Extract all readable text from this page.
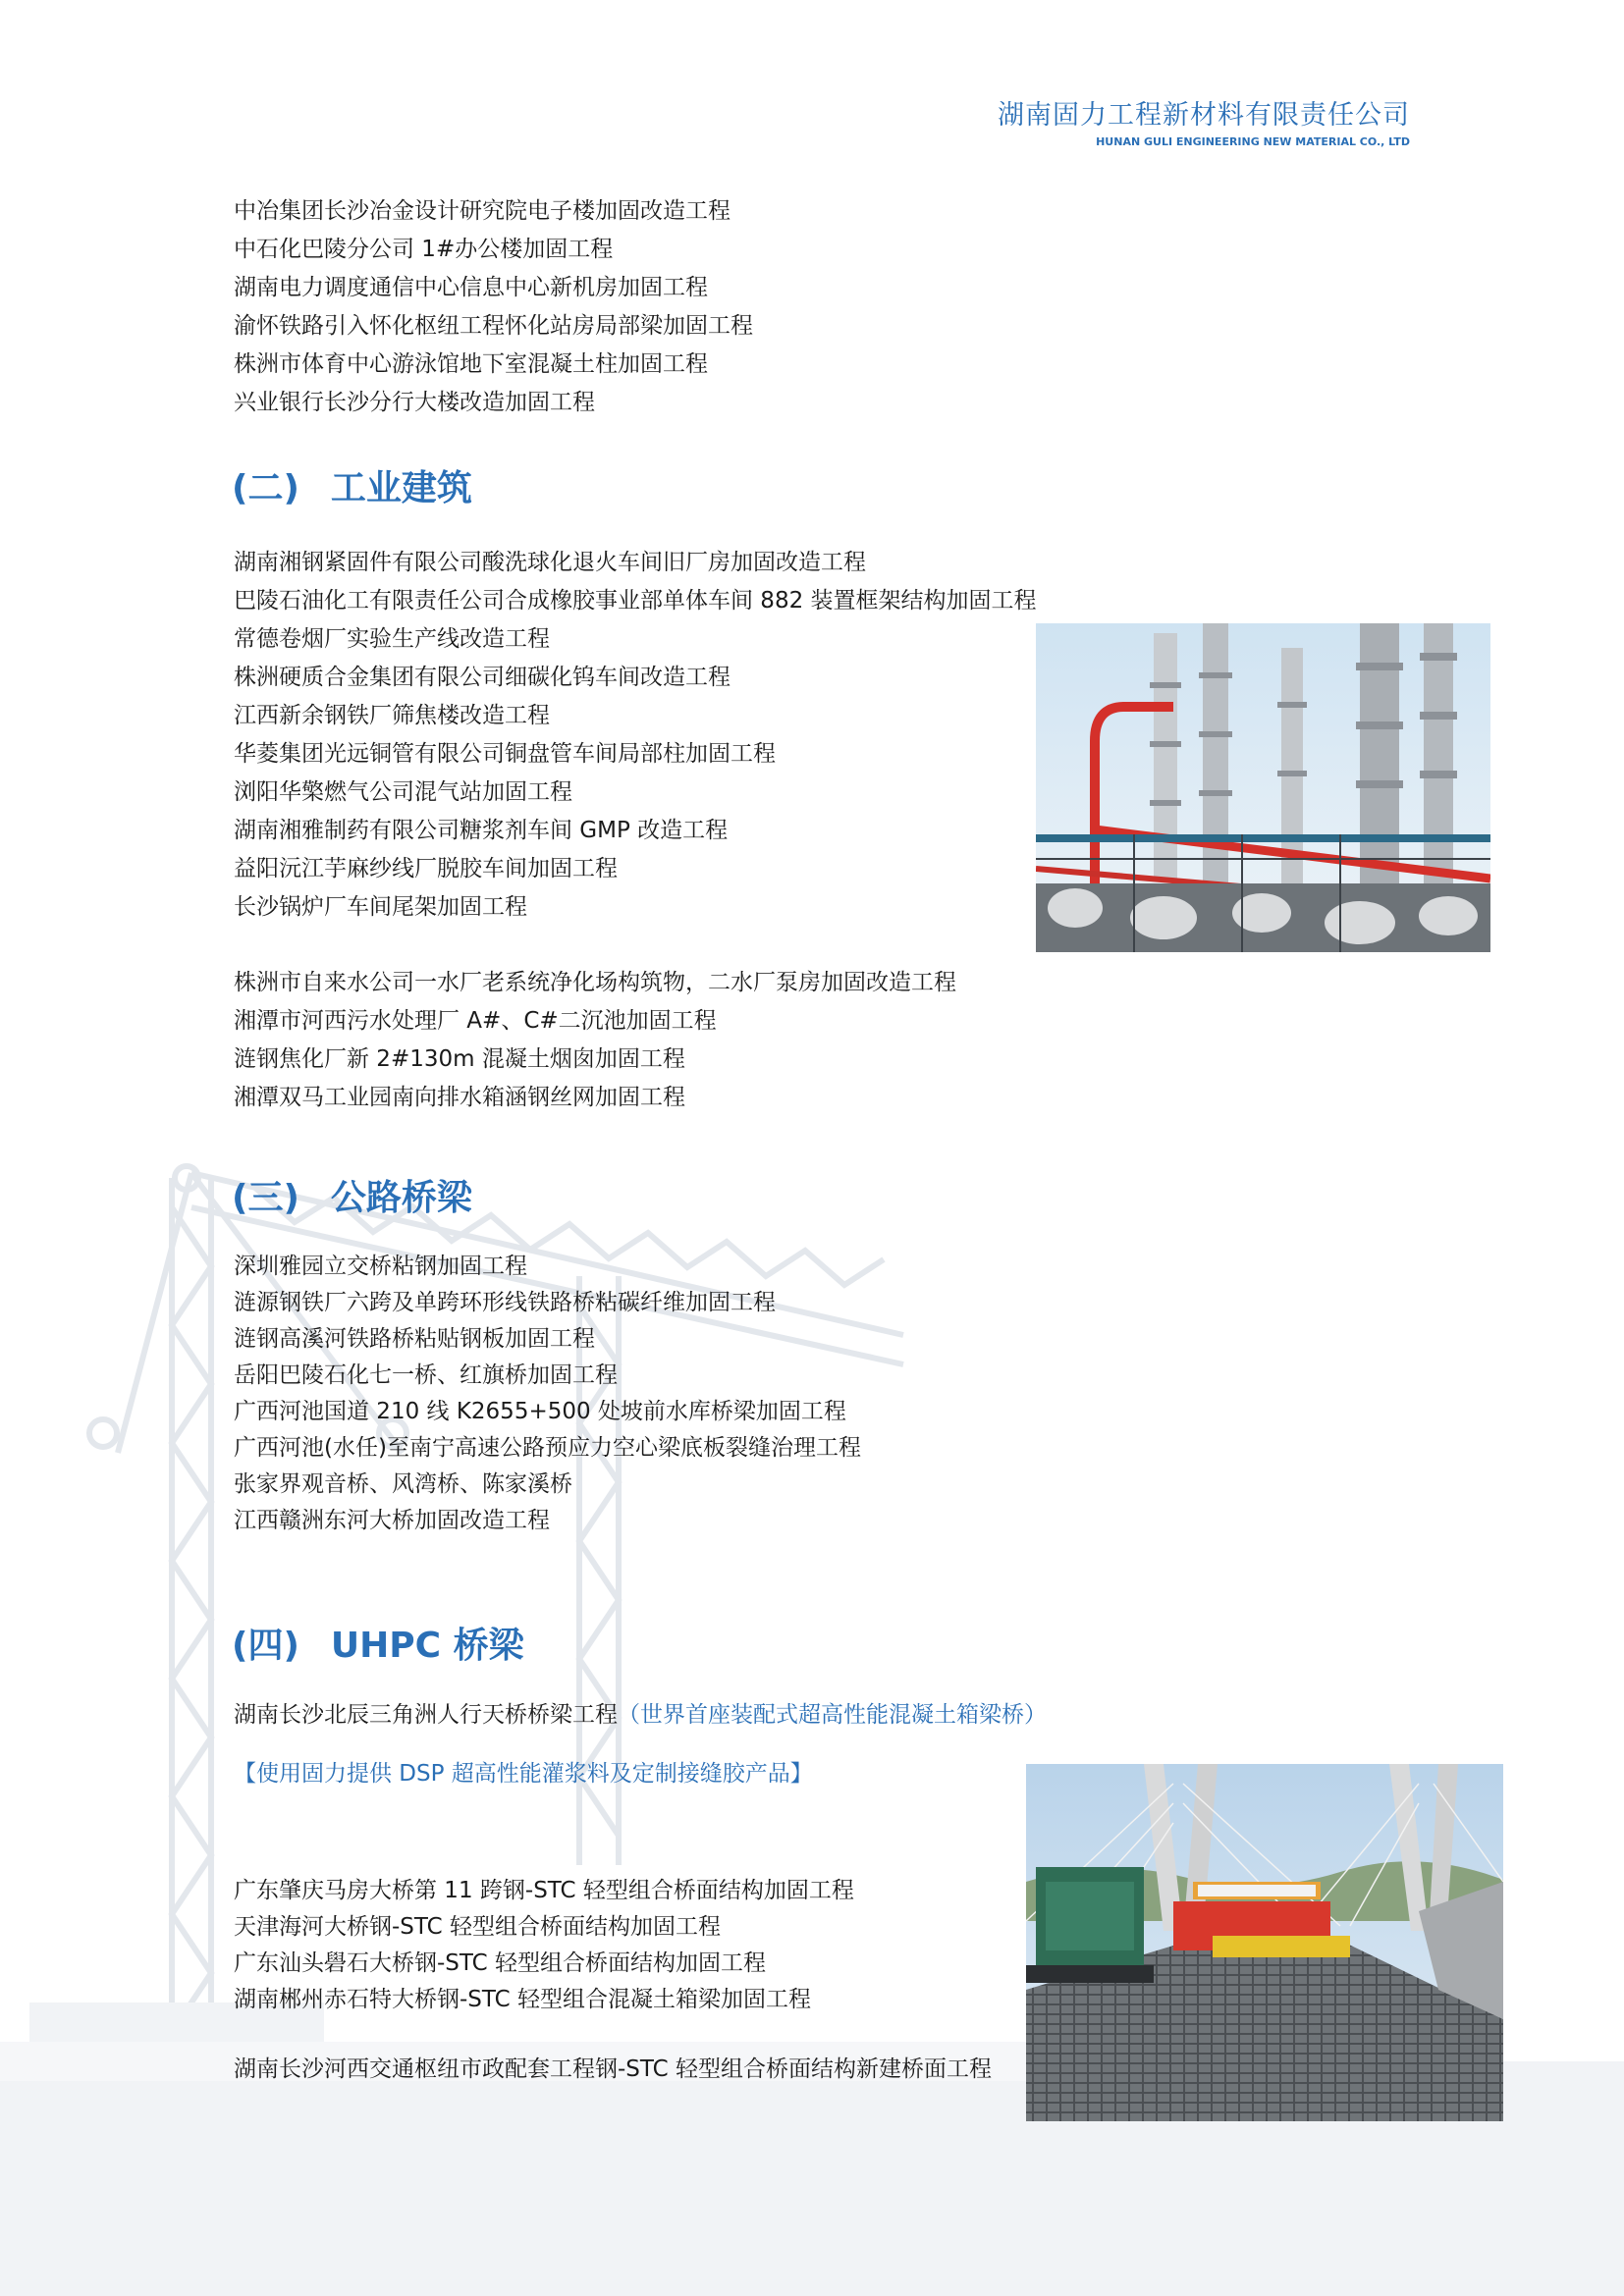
湖南固力工程新材料有限责任公司
HUNAN GULI ENGINEERING NEW MATERIAL CO., LTD
中冶集团长沙冶金设计研究院电子楼加固改造工程
中石化巴陵分公司 1#办公楼加固工程
湖南电力调度通信中心信息中心新机房加固工程
渝怀铁路引入怀化枢纽工程怀化站房局部梁加固工程
株洲市体育中心游泳馆地下室混凝土柱加固工程
兴业银行长沙分行大楼改造加固工程
(二) 工业建筑
湖南湘钢紧固件有限公司酸洗球化退火车间旧厂房加固改造工程
巴陵石油化工有限责任公司合成橡胶事业部单体车间 882 装置框架结构加固工程
常德卷烟厂实验生产线改造工程
株洲硬质合金集团有限公司细碳化钨车间改造工程
江西新余钢铁厂筛焦楼改造工程
华菱集团光远铜管有限公司铜盘管车间局部柱加固工程
浏阳华檠燃气公司混气站加固工程
湖南湘雅制药有限公司糖浆剂车间 GMP 改造工程
益阳沅江芋麻纱线厂脱胶车间加固工程
长沙锅炉厂车间尾架加固工程
株洲市自来水公司一水厂老系统净化场构筑物，二水厂泵房加固改造工程
湘潭市河西污水处理厂 A#、C#二沉池加固工程
涟钢焦化厂新 2#130m 混凝土烟囱加固工程
湘潭双马工业园南向排水箱涵钢丝网加固工程
(三) 公路桥梁
深圳雅园立交桥粘钢加固工程
涟源钢铁厂六跨及单跨环形线铁路桥粘碳纤维加固工程
涟钢高溪河铁路桥粘贴钢板加固工程
岳阳巴陵石化七一桥、红旗桥加固工程
广西河池国道 210 线 K2655+500 处坡前水库桥梁加固工程
广西河池(水任)至南宁高速公路预应力空心梁底板裂缝治理工程
张家界观音桥、风湾桥、陈家溪桥
江西赣洲东河大桥加固改造工程
(四) UHPC 桥梁
湖南长沙北辰三角洲人行天桥桥梁工程（世界首座装配式超高性能混凝土箱梁桥）
【使用固力提供 DSP 超高性能灌浆料及定制接缝胶产品】
广东肇庆马房大桥第 11 跨钢-STC 轻型组合桥面结构加固工程
天津海河大桥钢-STC 轻型组合桥面结构加固工程
广东汕头礐石大桥钢-STC 轻型组合桥面结构加固工程
湖南郴州赤石特大桥钢-STC 轻型组合混凝土箱梁加固工程
湖南长沙河西交通枢纽市政配套工程钢-STC 轻型组合桥面结构新建桥面工程
